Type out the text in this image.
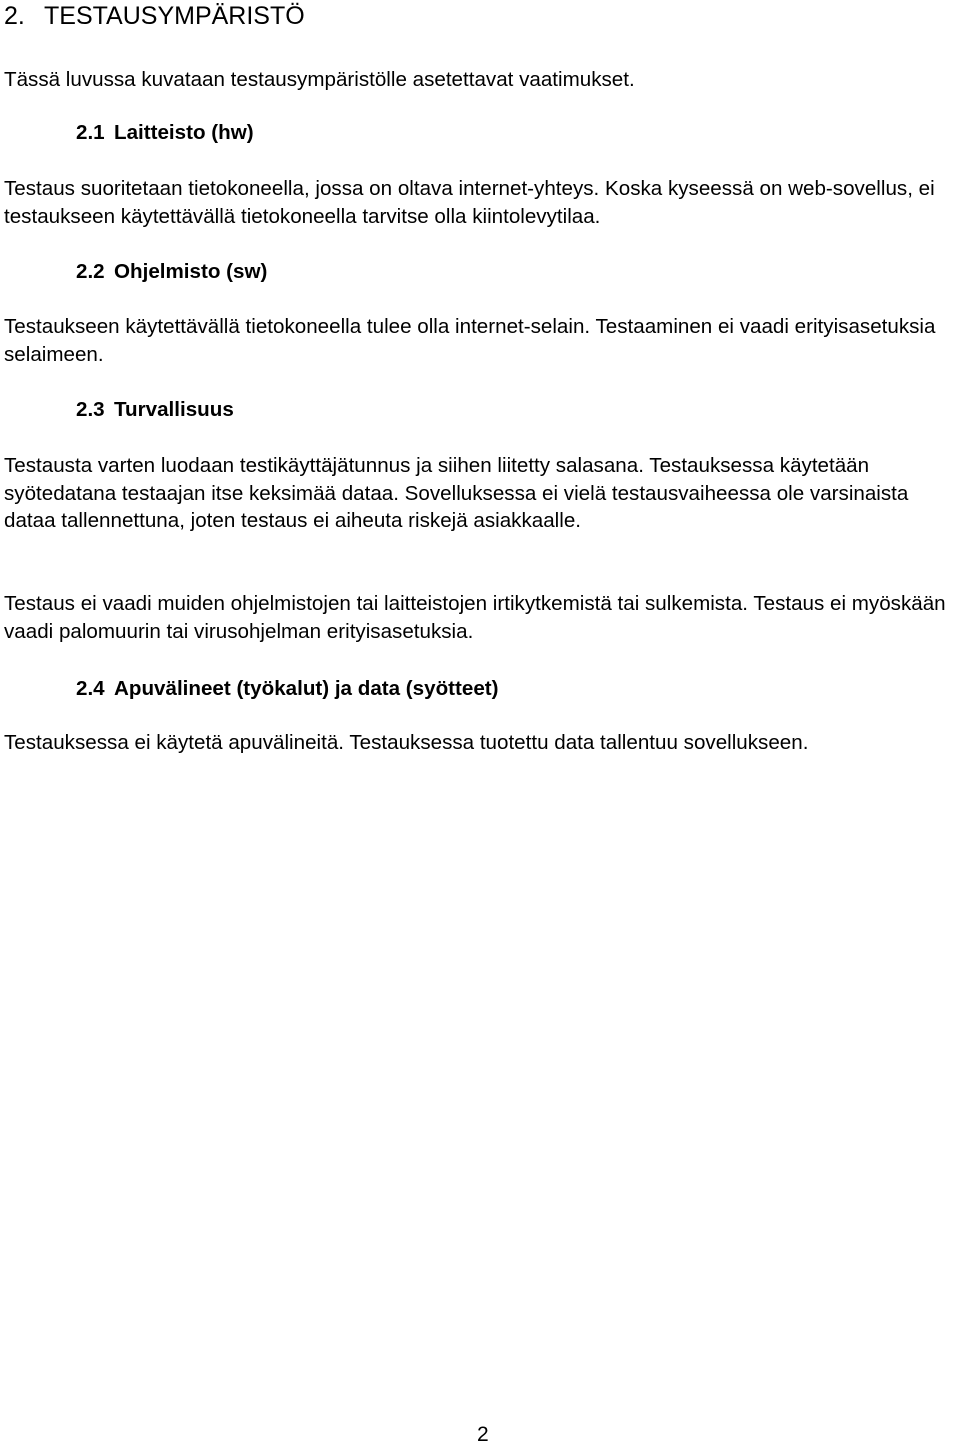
2. TESTAUSYMPÄRISTÖ

Tässä luvussa kuvataan testausympäristölle asetettavat vaatimukset.

2.1 Laitteisto (hw)

Testaus suoritetaan tietokoneella, jossa on oltava internet-yhteys. Koska kyseessä on web-sovellus, ei testaukseen käytettävällä tietokoneella tarvitse olla kiintolevytilaa.

2.2 Ohjelmisto (sw)

Testaukseen käytettävällä tietokoneella tulee olla internet-selain. Testaaminen ei vaadi erityisasetuksia selaimeen.

2.3 Turvallisuus

Testausta varten luodaan testikäyttäjätunnus ja siihen liitetty salasana. Testauksessa käytetään syötedatana testaajan itse keksimää dataa. Sovelluksessa ei vielä testausvaiheessa ole varsinaista dataa tallennettuna, joten testaus ei aiheuta riskejä asiakkaalle.

Testaus ei vaadi muiden ohjelmistojen tai laitteistojen irtikytkemistä tai sulkemista. Testaus ei myöskään vaadi palomuurin tai virusohjelman erityisasetuksia.

2.4 Apuvälineet (työkalut) ja data (syötteet)

Testauksessa ei käytetä apuvälineitä. Testauksessa tuotettu data tallentuu sovellukseen.

2
